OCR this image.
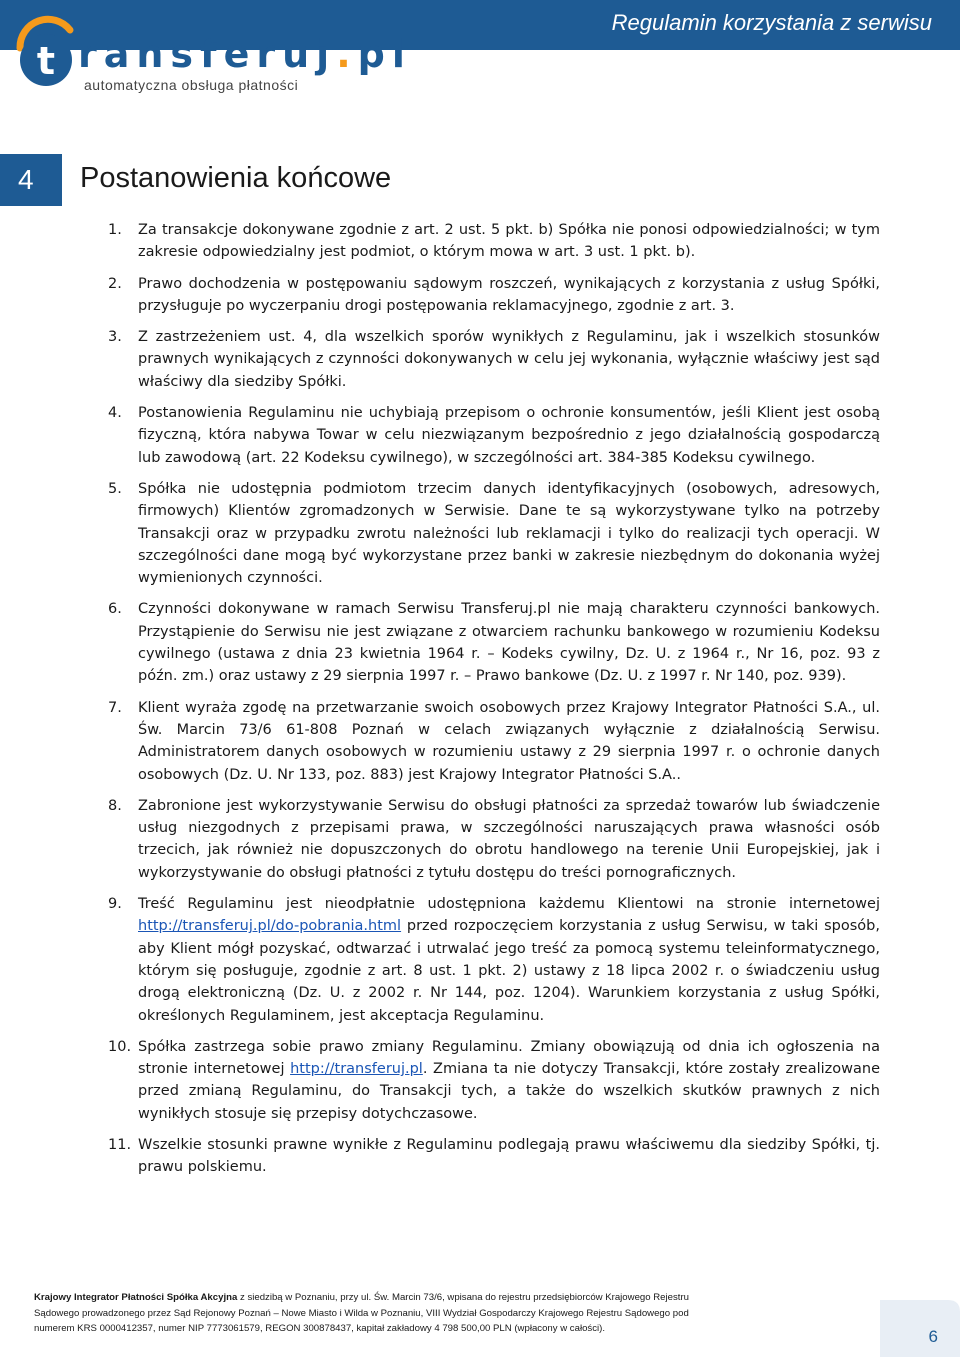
Regulamin korzystania z serwisu
t ransferuj.pl
automatyczna obsługa płatności
4	Postanowienia końcowe
1. Za transakcje dokonywane zgodnie z art. 2 ust. 5 pkt. b) Spółka nie ponosi odpowiedzialności; w tym zakresie odpowiedzialny jest podmiot, o którym mowa w art. 3 ust. 1 pkt. b).
2. Prawo dochodzenia w postępowaniu sądowym roszczeń, wynikających z korzystania z usług Spółki, przysługuje po wyczerpaniu drogi postępowania reklamacyjnego, zgodnie z art. 3.
3. Z zastrzeżeniem ust. 4, dla wszelkich sporów wynikłych z Regulaminu, jak i wszelkich stosunków prawnych wynikających z czynności dokonywanych w celu jej wykonania, wyłącznie właściwy jest sąd właściwy dla siedziby Spółki.
4. Postanowienia Regulaminu nie uchybiają przepisom o ochronie konsumentów, jeśli Klient jest osobą fizyczną, która nabywa Towar w celu niezwiązanym bezpośrednio z jego działalnością gospodarczą lub zawodową (art. 22 Kodeksu cywilnego), w szczególności art. 384-385 Kodeksu cywilnego.
5. Spółka nie udostępnia podmiotom trzecim danych identyfikacyjnych (osobowych, adresowych, firmowych) Klientów zgromadzonych w Serwisie. Dane te są wykorzystywane tylko na potrzeby Transakcji oraz w przypadku zwrotu należności lub reklamacji i tylko do realizacji tych operacji. W szczególności dane mogą być wykorzystane przez banki w zakresie niezbędnym do dokonania wyżej wymienionych czynności.
6. Czynności dokonywane w ramach Serwisu Transferuj.pl nie mają charakteru czynności bankowych. Przystąpienie do Serwisu nie jest związane z otwarciem rachunku bankowego w rozumieniu Kodeksu cywilnego (ustawa z dnia 23 kwietnia 1964 r. – Kodeks cywilny, Dz. U. z 1964 r., Nr 16, poz. 93 z późn. zm.) oraz ustawy z 29 sierpnia 1997 r. – Prawo bankowe (Dz. U. z 1997 r. Nr 140, poz. 939).
7. Klient wyraża zgodę na przetwarzanie swoich osobowych przez Krajowy Integrator Płatności S.A., ul. Św. Marcin 73/6 61-808 Poznań w celach związanych wyłącznie z działalnością Serwisu. Administratorem danych osobowych w rozumieniu ustawy z 29 sierpnia 1997 r. o ochronie danych osobowych (Dz. U. Nr 133, poz. 883) jest Krajowy Integrator Płatności S.A..
8. Zabronione jest wykorzystywanie Serwisu do obsługi płatności za sprzedaż towarów lub świadczenie usług niezgodnych z przepisami prawa, w szczególności naruszających prawa własności osób trzecich, jak również nie dopuszczonych do obrotu handlowego na terenie Unii Europejskiej, jak i wykorzystywanie do obsługi płatności z tytułu dostępu do treści pornograficznych.
9. Treść Regulaminu jest nieodpłatnie udostępniona każdemu Klientowi na stronie internetowej http://transferuj.pl/do-pobrania.html przed rozpoczęciem korzystania z usług Serwisu, w taki sposób, aby Klient mógł pozyskać, odtwarzać i utrwalać jego treść za pomocą systemu teleinformatycznego, którym się posługuje, zgodnie z art. 8 ust. 1 pkt. 2) ustawy z 18 lipca 2002 r. o świadczeniu usług drogą elektroniczną (Dz. U. z 2002 r. Nr 144, poz. 1204). Warunkiem korzystania z usług Spółki, określonych Regulaminem, jest akceptacja Regulaminu.
10. Spółka zastrzega sobie prawo zmiany Regulaminu. Zmiany obowiązują od dnia ich ogłoszenia na stronie internetowej http://transferuj.pl. Zmiana ta nie dotyczy Transakcji, które zostały zrealizowane przed zmianą Regulaminu, do Transakcji tych, a także do wszelkich skutków prawnych z nich wynikłych stosuje się przepisy dotychczasowe.
11. Wszelkie stosunki prawne wynikłe z Regulaminu podlegają prawu właściwemu dla siedziby Spółki, tj. prawu polskiemu.
Krajowy Integrator Płatności Spółka Akcyjna z siedzibą w Poznaniu, przy ul. Św. Marcin 73/6, wpisana do rejestru przedsiębiorców Krajowego Rejestru
Sądowego prowadzonego przez Sąd Rejonowy Poznań – Nowe Miasto i Wilda w Poznaniu, VIII Wydział Gospodarczy Krajowego Rejestru Sądowego pod
numerem KRS 0000412357, numer NIP 7773061579, REGON 300878437, kapitał zakładowy 4 798 500,00 PLN (wpłacony w całości).	6
